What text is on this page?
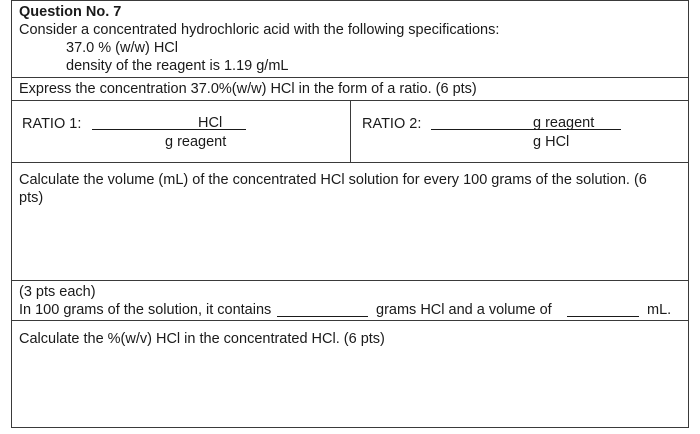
Question No. 7
Consider a concentrated hydrochloric acid with the following specifications:
37.0 % (w/w) HCl
density of the reagent is 1.19 g/mL
Express the concentration 37.0%(w/w) HCl in the form of a ratio. (6 pts)
RATIO 1:	HCl
g reagent
RATIO 2:	g reagent
g HCl
Calculate the volume (mL) of the concentrated HCl solution for every 100 grams of the solution. (6 pts)
(3 pts each)
In 100 grams of the solution, it contains	grams HCl and a volume of	mL.
Calculate the %(w/v) HCl in the concentrated HCl. (6 pts)
